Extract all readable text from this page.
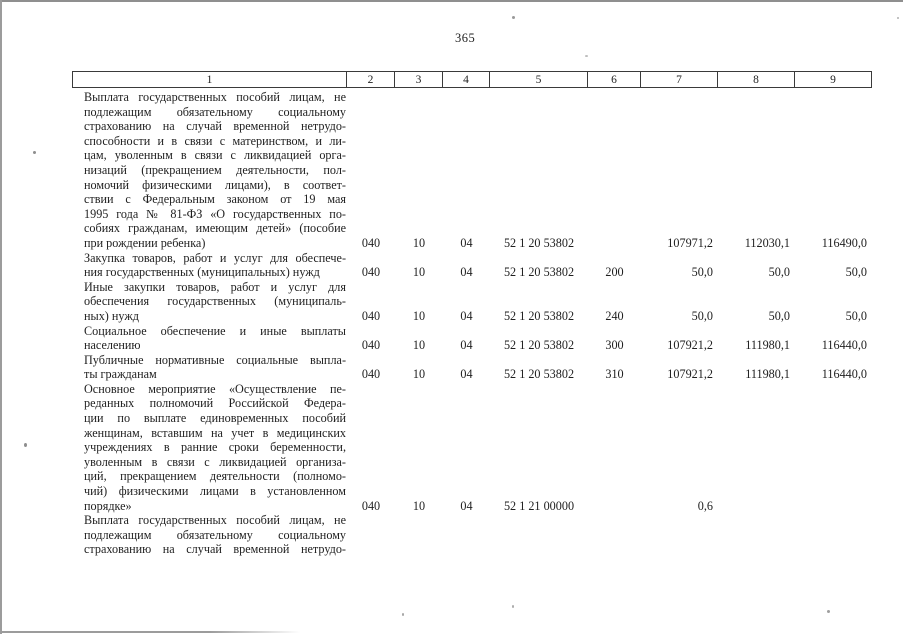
365
1	2	3	4	5	6	7	8	9
Выплата государственных пособий лицам, не
подлежащим обязательному социальному
страхованию на случай временной нетрудо-
способности и в связи с материнством, и ли-
цам, уволенным в связи с ликвидацией орга-
низаций (прекращением деятельности, пол-
номочий физическими лицами), в соответ-
ствии с Федеральным законом от 19 мая
1995 года № 81-ФЗ «О государственных по-
собиях гражданам, имеющим детей» (пособие
при рождении ребенка)	040	10	04	52 1 20 53802		107971,2	112030,1	116490,0

Закупка товаров, работ и услуг для обеспече-
ния государственных (муниципальных) нужд	040	10	04	52 1 20 53802	200	50,0	50,0	50,0

Иные закупки товаров, работ и услуг для
обеспечения государственных (муниципаль-
ных) нужд	040	10	04	52 1 20 53802	240	50,0	50,0	50,0

Социальное обеспечение и иные выплаты
населению	040	10	04	52 1 20 53802	300	107921,2	111980,1	116440,0

Публичные нормативные социальные выпла-
ты гражданам	040	10	04	52 1 20 53802	310	107921,2	111980,1	116440,0

Основное мероприятие «Осуществление пе-
реданных полномочий Российской Федера-
ции по выплате единовременных пособий
женщинам, вставшим на учет в медицинских
учреждениях в ранние сроки беременности,
уволенным в связи с ликвидацией организа-
ций, прекращением деятельности (полномо-
чий) физическими лицами в установленном
порядке»	040	10	04	52 1 21 00000		0,6		

Выплата государственных пособий лицам, не
подлежащим обязательному социальному
страхованию на случай временной нетрудо-
